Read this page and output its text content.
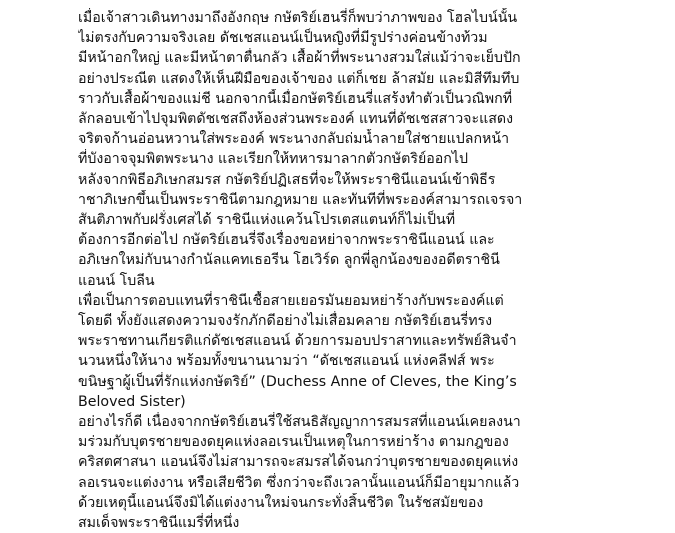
เมื่อเจ้าสาวเดินทางมาถึงอังกฤษ กษัตริย์เฮนรี่ก็พบว่าภาพของ โฮลไบน์นั้น
ไม่ตรงกับความจริงเลย ดัชเชสแอนน์เป็นหญิงที่มีรูปร่างค่อนข้างท้วม
มีหน้าอกใหญ่ และมีหน้าตาตื่นกลัว เสื้อผ้าที่พระนางสวมใส่แม้ว่าจะเย็บปัก
อย่างประณีต แสดงให้เห็นฝีมือของเจ้าของ แต่ก็เชย ล้าสมัย และมิสีทึมทึบ
ราวกับเสื้อผ้าของแม่ชี นอกจากนี้เมื่อกษัตริย์เฮนรี่แสร้งทำตัวเป็นวณิพกที่
ลักลอบเข้าไปจุมพิตดัชเชสถึงห้องส่วนพระองค์ แทนที่ดัชเชสสาวจะแสดง
จริตจก้านอ่อนหวานใส่พระองค์ พระนางกลับถ่มน้ำลายใส่ชายแปลกหน้า
ที่บังอาจจุมพิตพระนาง และเรียกให้ทหารมาลากตัวกษัตริย์ออกไป
หลังจากพิธีอภิเษกสมรส กษัตริย์ปฏิเสธที่จะให้พระราชินีแอนน์เข้าพิธีร
าชาภิเษกขึ้นเป็นพระราชินีตามกฎหมาย และทันทีที่พระองค์สามารถเจรจา
สันติภาพกับฝรั่งเศสได้ ราชินีแห่งแคว้นโปรเตสแตนท์ก็ไม่เป็นที่
ต้องการอีกต่อไป กษัตริย์เฮนรี่จึงเรื่องขอหย่าจากพระราชินีแอนน์ และ
อภิเษกใหม่กับนางกำนัลแคทเธอรีน โฮเวิร์ด ลูกพี่ลูกน้องของอดีตราชินี
แอนน์ โบลีน
เพื่อเป็นการตอบแทนที่ราชินีเชื้อสายเยอรมันยอมหย่าร้างกับพระองค์แต่
โดยดี ทั้งยังแสดงความจงรักภักดีอย่างไม่เสื่อมคลาย กษัตริย์เฮนรี่ทรง
พระราชทานเกียรติแก่ดัชเชสแอนน์ ด้วยการมอบปราสาทและทรัพย์สินจำ
นวนหนึ่งให้นาง พร้อมทั้งขนานนามว่า “ดัชเชสแอนน์ แห่งคลีฟส์ พระ
ขนิษฐาผู้เป็นที่รักแห่งกษัตริย์” (Duchess Anne of Cleves, the King’s
Beloved Sister)
อย่างไรก็ดี เนื่องจากกษัตริย์เฮนรี่ใช้สนธิสัญญาการสมรสที่แอนน์เคยลงนา
มร่วมกับบุตรชายของดยุคแห่งลอเรนเป็นเหตุในการหย่าร้าง ตามกฎของ
คริสตศาสนา แอนน์จึงไม่สามารถจะสมรสได้จนกว่าบุตรชายของดยุคแห่ง
ลอเรนจะแต่งงาน หรือเสียชีวิต ซึ่งกว่าจะถึงเวลานั้นแอนน์ก็มีอายุมากแล้ว
ด้วยเหตุนี้แอนน์จึงมิได้แต่งงานใหม่จนกระทั่งสิ้นชีวิต ในรัชสมัยของ
สมเด็จพระราชินีแมรี่ที่หนึ่ง
